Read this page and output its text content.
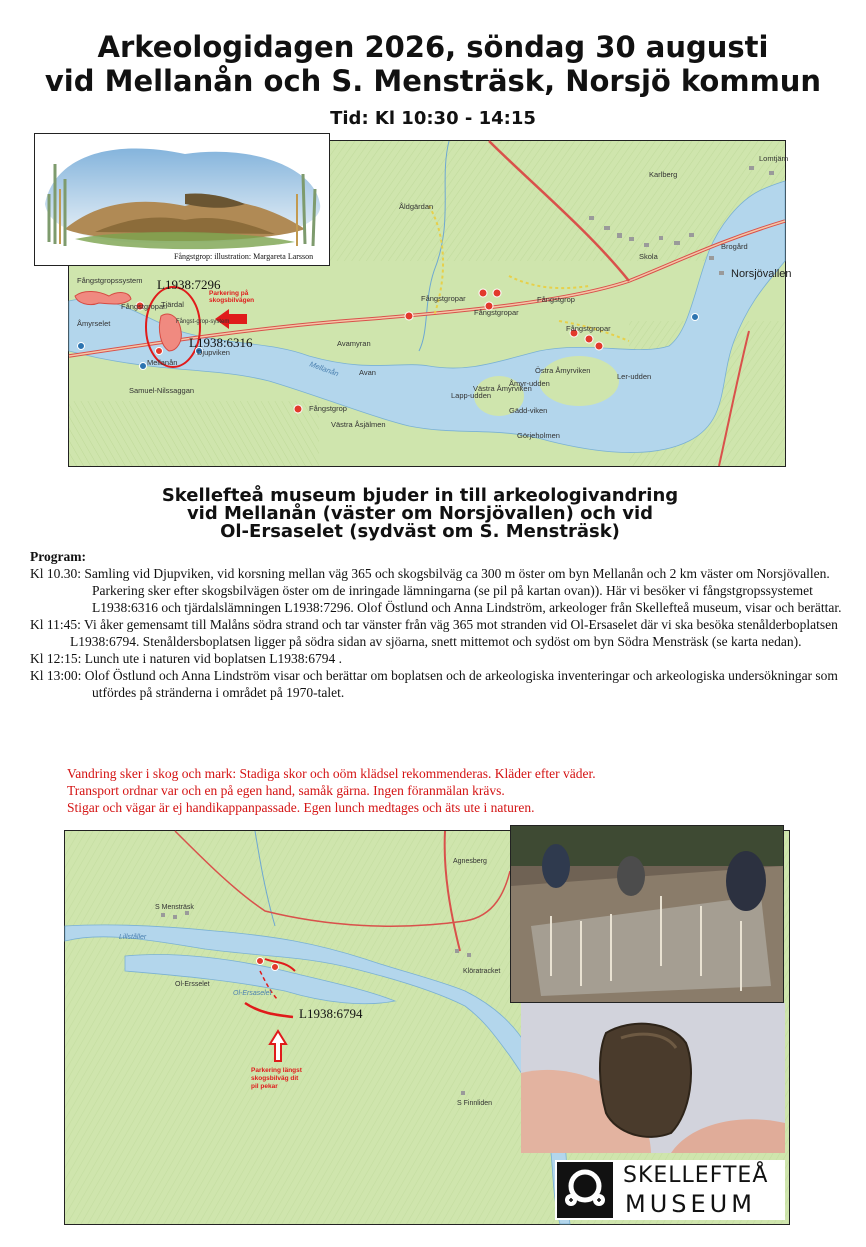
Arkeologidagen 2026, söndag 30 augusti
vid Mellanån och S. Mensträsk, Norsjö kommun
Tid: Kl 10:30 - 14:15
Karlberg
Lomtjärn
Brogård
Åldgärdan
Skola
Fångstgropssystem
Fångstgropar
Fångstgropar	Fångstgrop
Fångstgropar
Fångstgropar
Fångstgrop
Åmyrselet
Djupviken
Mellanån
Avamyran
Avan
Mellanån
Samuel-Nilssaggan
Västra Åsjälmen
Östra Åmyrviken
Västra Åmyrviken
Lapp-udden
Åmyr-udden
Gädd-viken
Ler-udden
Görjeholmen
Tjärdal
Fångst-grop-system
Norsjövallen
L1938:7296
L1938:6316
Parkering på
skogsbilvägen
Fångstgrop: illustration: Margareta Larsson
Skellefteå museum bjuder in till arkeologivandring
vid Mellanån (väster om Norsjövallen) och vid
Ol-Ersaselet (sydväst om S. Mensträsk)
Program:

Kl 10.30: Samling vid Djupviken, vid korsning mellan väg 365 och skogsbilväg ca 300 m öster om byn Mellanån och 2 km väster om Norsjövallen. Parkering sker efter skogsbilvägen öster om de inringade lämningarna (se pil på kartan ovan)). Här vi besöker vi fångstgropssystemet L1938:6316 och tjärdalslämningen L1938:7296. Olof Östlund och Anna Lindström, arkeologer från Skellefteå museum, visar och berättar.

Kl 11:45: Vi åker gemensamt till Malåns södra strand och tar vänster från väg 365 mot stranden vid Ol-Ersaselet där vi ska besöka stenålderboplatsen L1938:6794. Stenåldersboplatsen ligger på södra sidan av sjöarna, snett mittemot och sydöst om byn Södra Mensträsk (se karta nedan).

Kl 12:15: Lunch ute i naturen vid boplatsen L1938:6794 .

Kl 13:00: Olof Östlund och Anna Lindström visar och berättar om boplatsen och de arkeologiska inventeringar och arkeologiska undersökningar som utfördes på stränderna i området på 1970-talet.

Vandring sker i skog och mark: Stadiga skor och oöm klädsel rekommenderas. Kläder efter väder.
Transport ordnar var och en på egen hand, samåk gärna. Ingen föranmälan krävs.
Stigar och vägar är ej handikappanpassade. Egen lunch medtages och äts ute i naturen.
S Mensträsk
Agnesberg
Klöratracket
Ol-Ersselet
Ol-Ersaselet
S Finnliden
Lillståller
L1938:6794
Parkering längst
skogsbilväg dit
pil pekar
SKELLEFTEÅ
MUSEUM
